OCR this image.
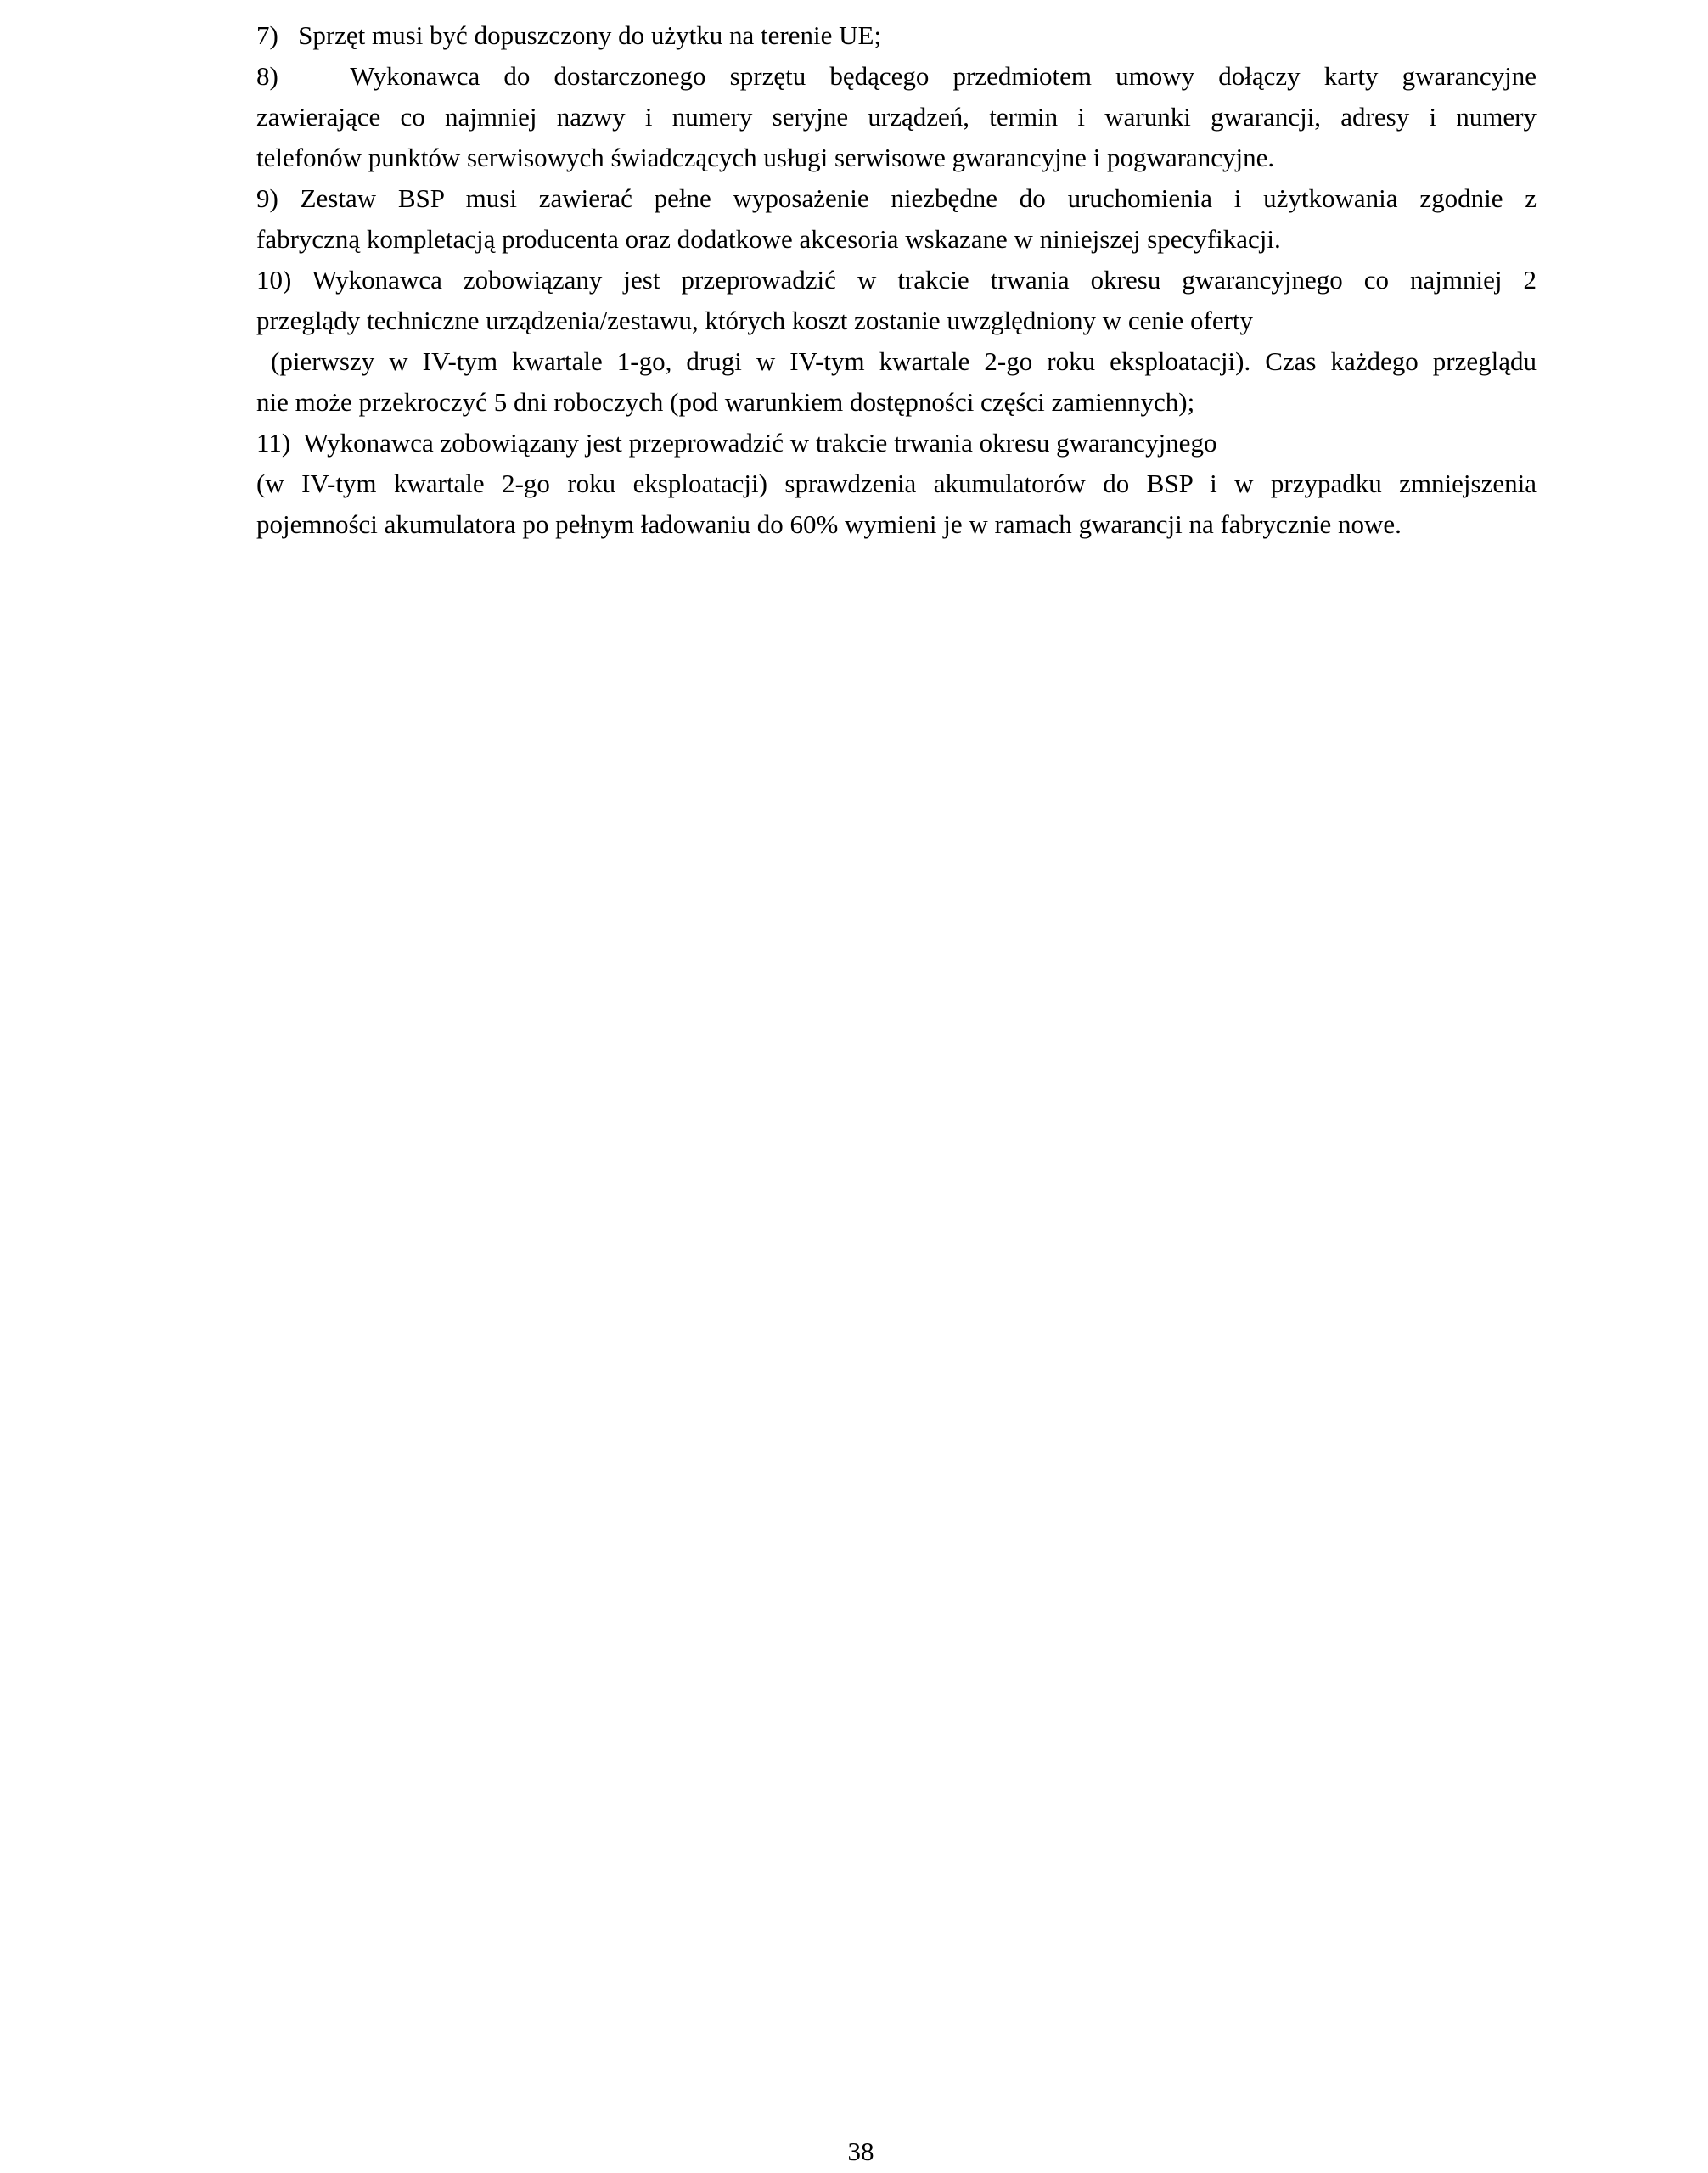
7)   Sprzęt musi być dopuszczony do użytku na terenie UE;
8)   Wykonawca do dostarczonego sprzętu będącego przedmiotem umowy dołączy karty gwarancyjne
zawierające co najmniej nazwy i numery seryjne urządzeń, termin i warunki gwarancji, adresy i numery
telefonów punktów serwisowych świadczących usługi serwisowe gwarancyjne i pogwarancyjne.
9) Zestaw BSP musi zawierać pełne wyposażenie niezbędne do uruchomienia i użytkowania zgodnie z
fabryczną kompletacją producenta oraz dodatkowe akcesoria wskazane w niniejszej specyfikacji.
10) Wykonawca zobowiązany jest przeprowadzić w trakcie trwania okresu gwarancyjnego co najmniej 2
przeglądy techniczne urządzenia/zestawu, których koszt zostanie uwzględniony w cenie oferty
(pierwszy w IV-tym kwartale 1-go, drugi w IV-tym kwartale 2-go roku eksploatacji). Czas każdego przeglądu
nie może przekroczyć 5 dni roboczych (pod warunkiem dostępności części zamiennych);
11)  Wykonawca zobowiązany jest przeprowadzić w trakcie trwania okresu gwarancyjnego
(w IV-tym kwartale 2-go roku eksploatacji) sprawdzenia akumulatorów do BSP i w przypadku zmniejszenia
pojemności akumulatora po pełnym ładowaniu do 60% wymieni je w ramach gwarancji na fabrycznie nowe.
38
